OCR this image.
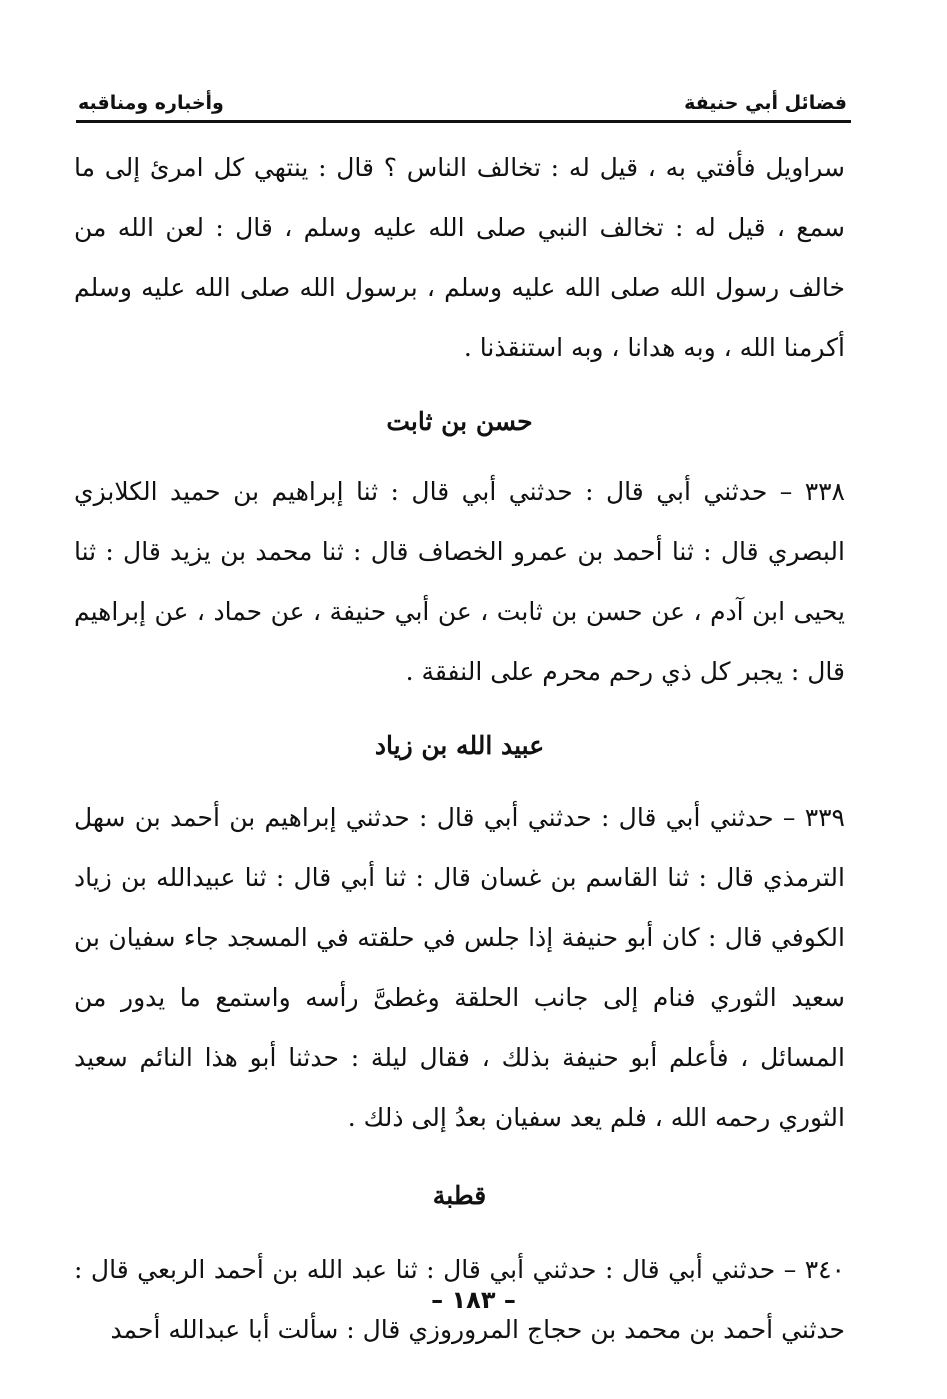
فضائل أبي حنيفة
وأخباره ومناقبه

سراويل فأفتي به ، قيل له : تخالف الناس ؟ قال : ينتهي كل امرئ إلى ما سمع ، قيل له : تخالف النبي صلى الله عليه وسلم ، قال : لعن الله من خالف رسول الله صلى الله عليه وسلم ، برسول الله صلى الله عليه وسلم أكرمنا الله ، وبه هدانا ، وبه استنقذنا .

حسن بن ثابت

٣٣٨ – حدثني أبي قال : حدثني أبي قال : ثنا إبراهيم بن حميد الكلابزي البصري قال : ثنا أحمد بن عمرو الخصاف قال : ثنا محمد بن يزيد قال : ثنا يحيى ابن آدم ، عن حسن بن ثابت ، عن أبي حنيفة ، عن حماد ، عن إبراهيم قال : يجبر كل ذي رحم محرم على النفقة .

عبيد الله بن زياد

٣٣٩ – حدثني أبي قال : حدثني أبي قال : حدثني إبراهيم بن أحمد بن سهل الترمذي قال : ثنا القاسم بن غسان قال : ثنا أبي قال : ثنا عبيدالله بن زياد الكوفي قال : كان أبو حنيفة إذا جلس في حلقته في المسجد جاء سفيان بن سعيد الثوري فنام إلى جانب الحلقة وغطىَّ رأسه واستمع ما يدور من المسائل ، فأعلم أبو حنيفة بذلك ، فقال ليلة : حدثنا أبو هذا النائم سعيد الثوري رحمه الله ، فلم يعد سفيان بعدُ إلى ذلك .

قطبة

٣٤٠ – حدثني أبي قال : حدثني أبي قال : ثنا عبد الله بن أحمد الربعي قال : حدثني أحمد بن محمد بن حجاج المروروزي قال : سألت أبا عبدالله أحمد

– ١٨٣ –
